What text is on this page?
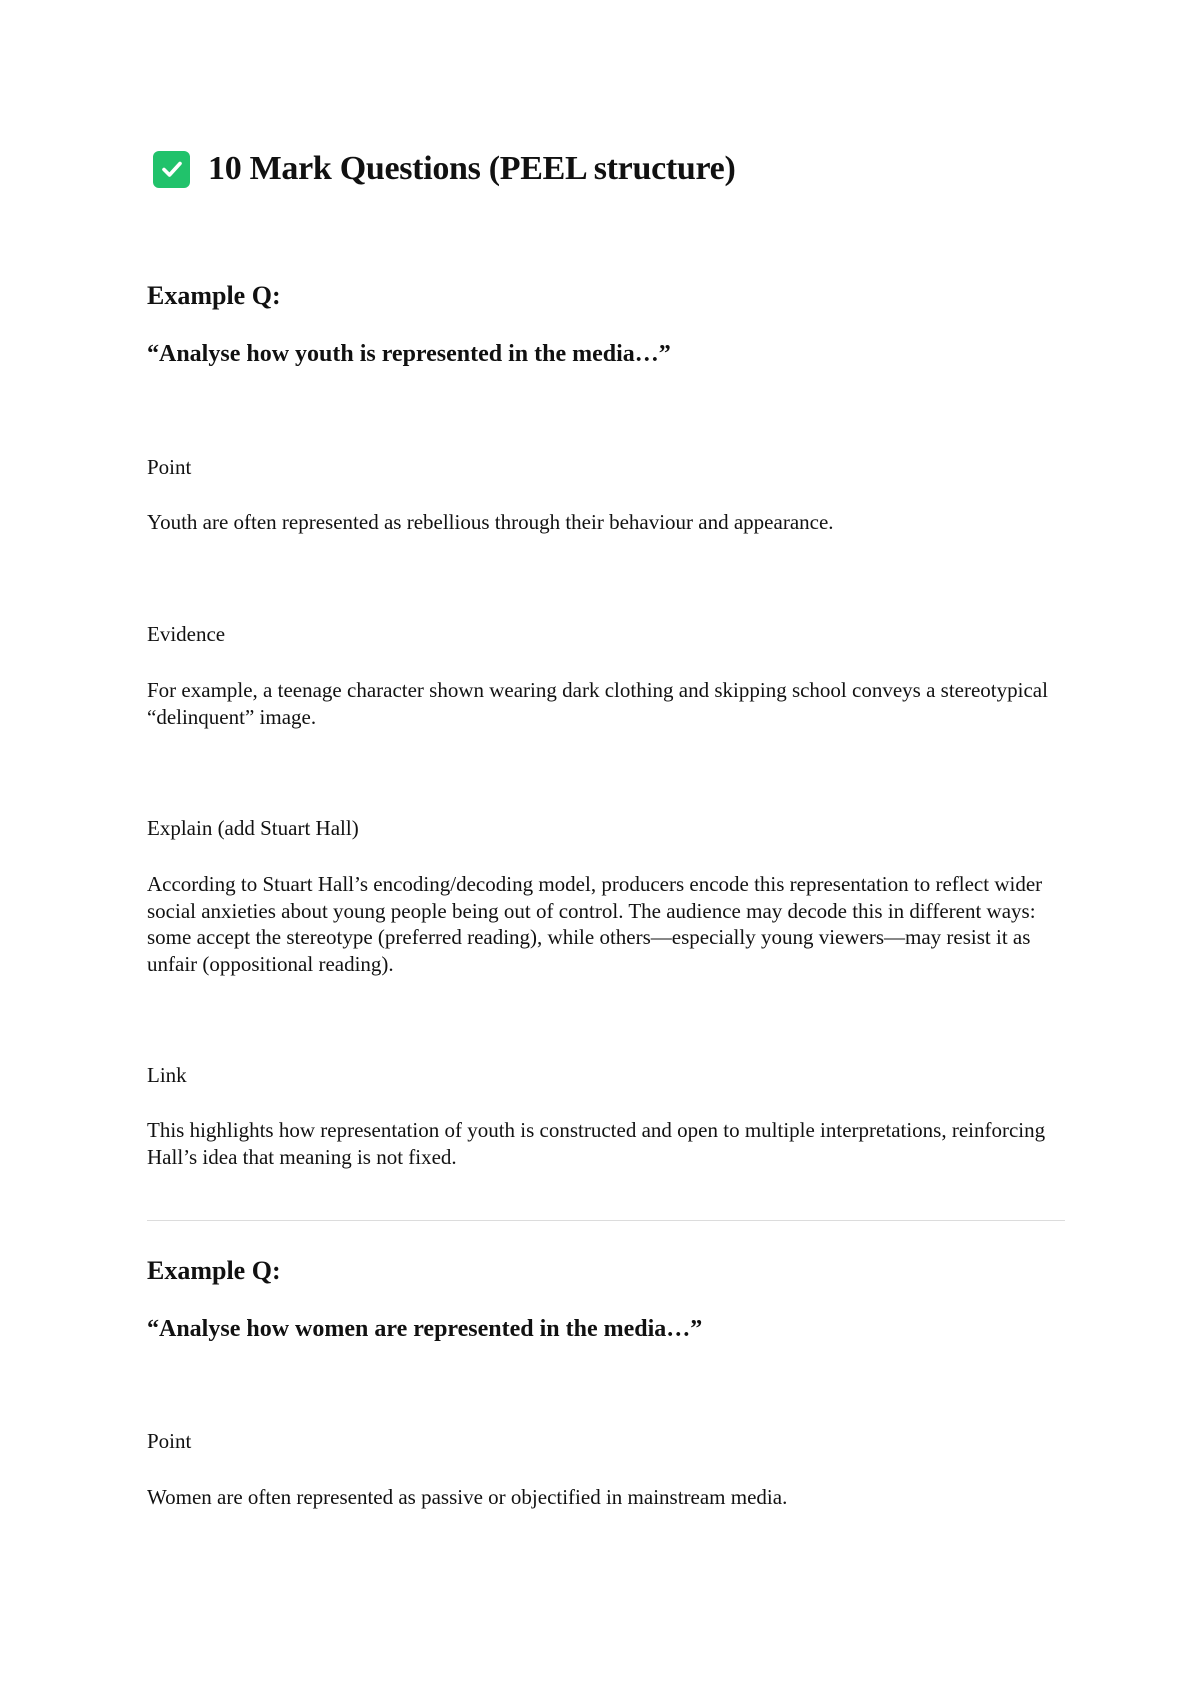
10 Mark Questions (PEEL structure)

Example Q:

“Analyse how youth is represented in the media…”

Point

Youth are often represented as rebellious through their behaviour and appearance.

Evidence

For example, a teenage character shown wearing dark clothing and skipping school conveys a stereotypical “delinquent” image.

Explain (add Stuart Hall)

According to Stuart Hall’s encoding/decoding model, producers encode this representation to reflect wider social anxieties about young people being out of control. The audience may decode this in different ways: some accept the stereotype (preferred reading), while others—especially young viewers—may resist it as unfair (oppositional reading).

Link

This highlights how representation of youth is constructed and open to multiple interpretations, reinforcing Hall’s idea that meaning is not fixed.

Example Q:

“Analyse how women are represented in the media…”

Point

Women are often represented as passive or objectified in mainstream media.
